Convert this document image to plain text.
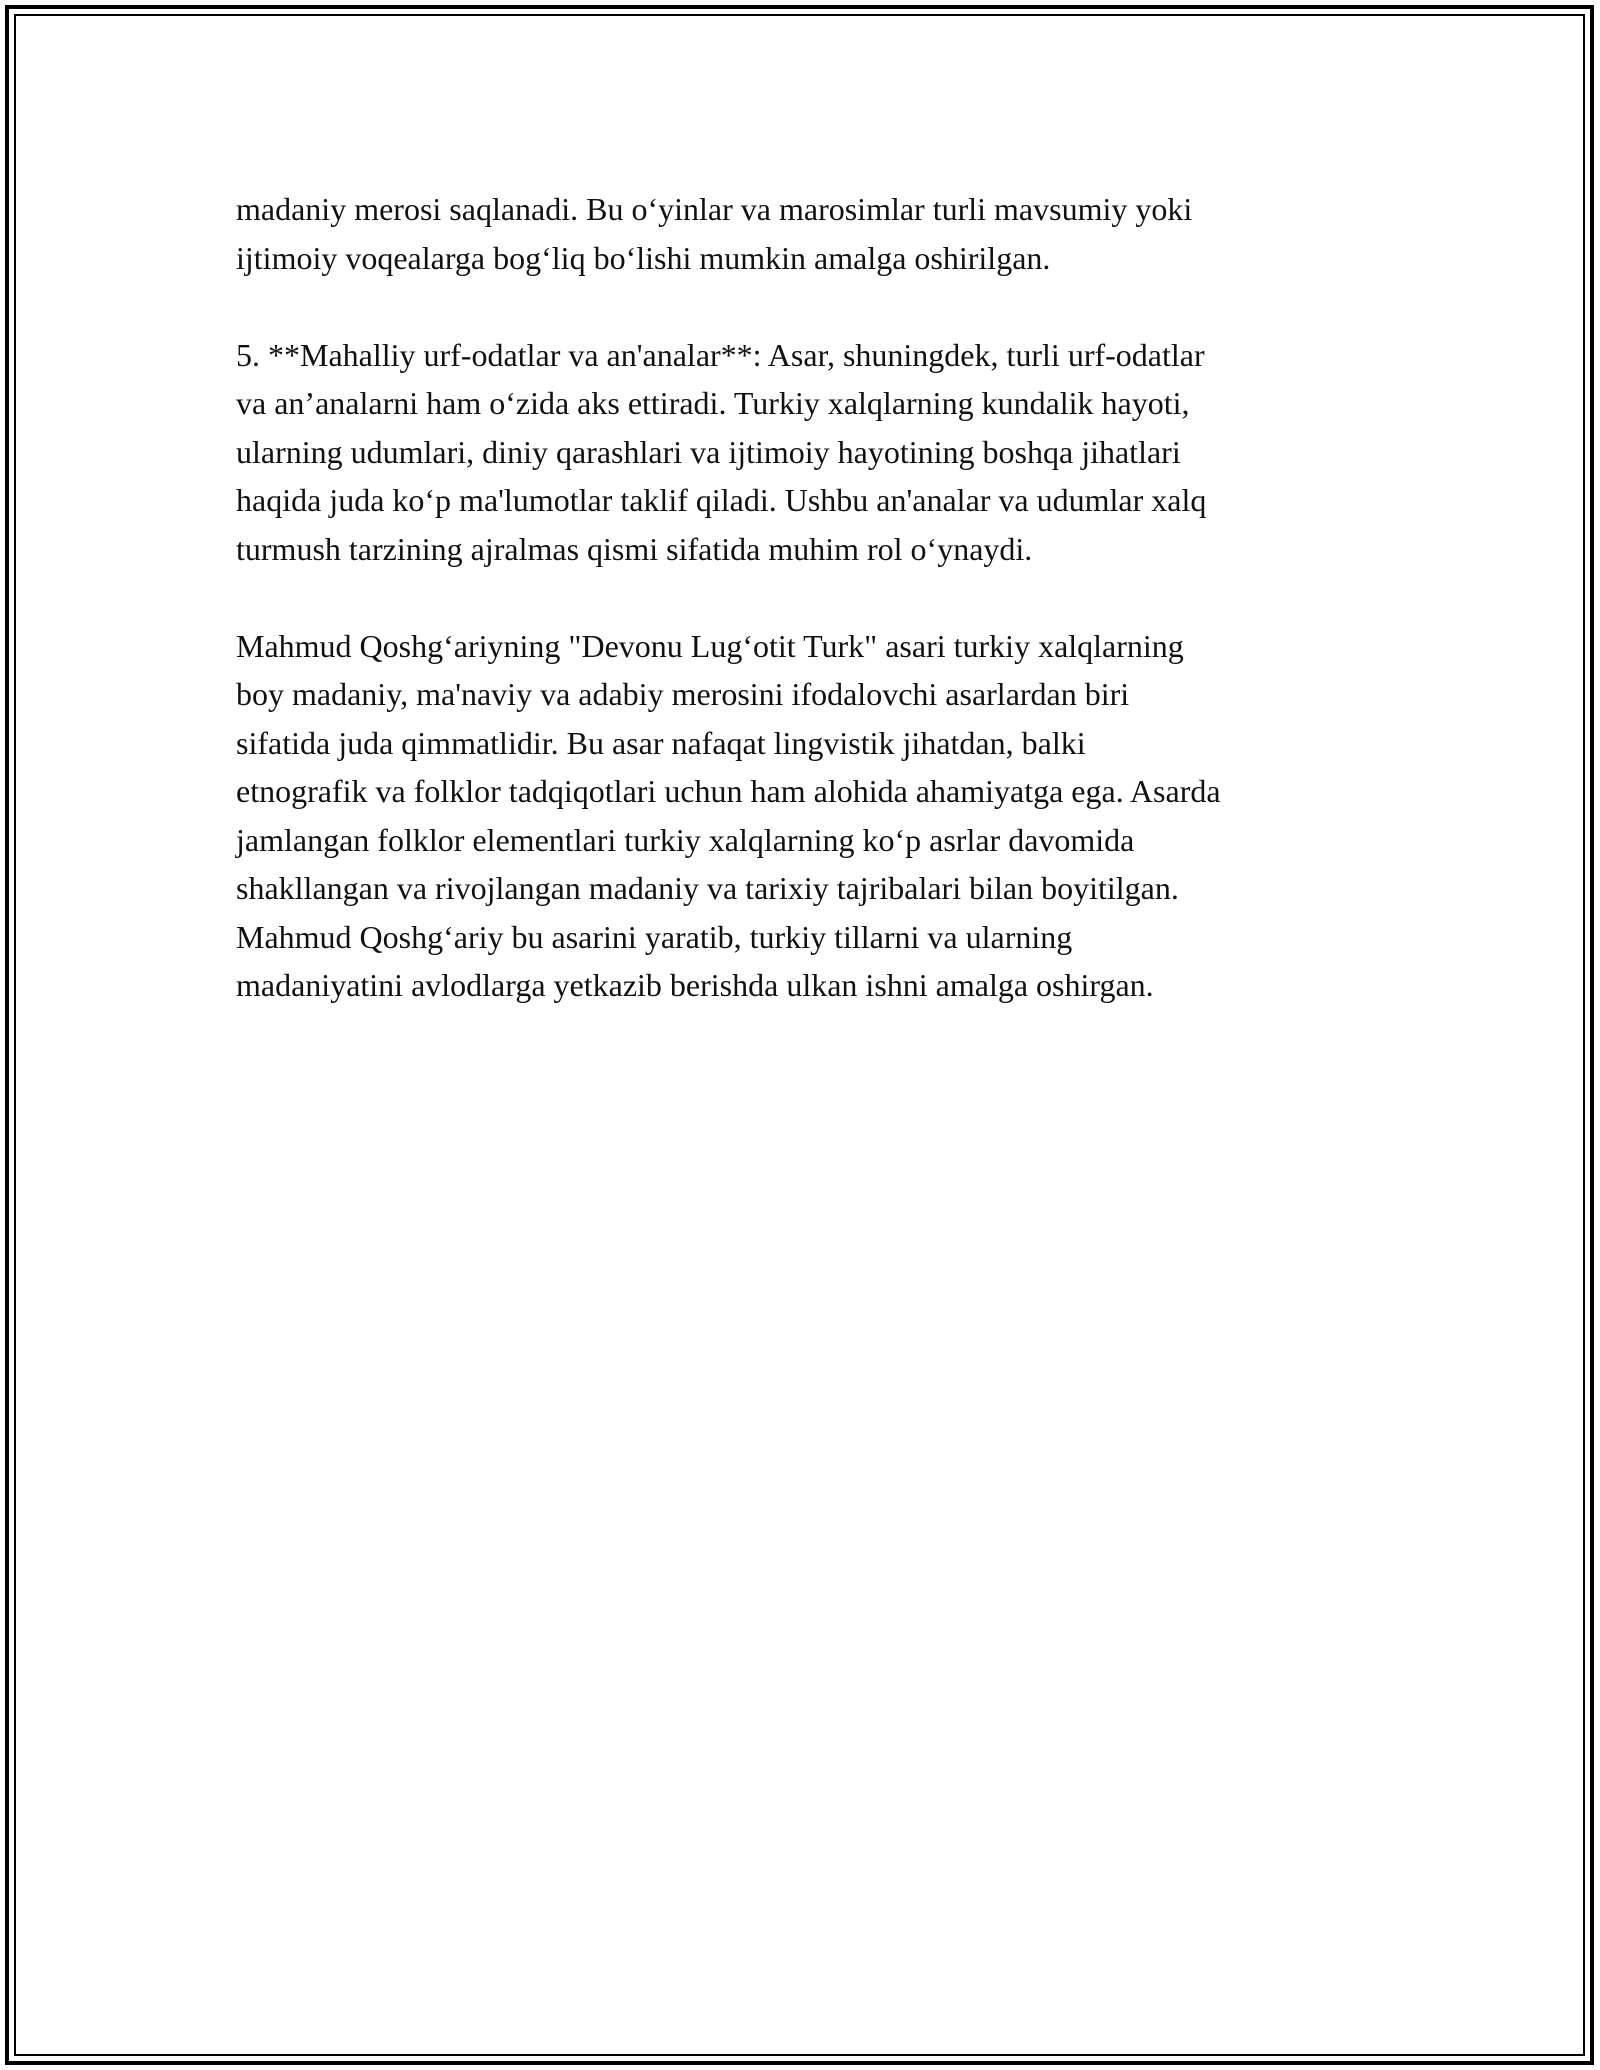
madaniy merosi saqlanadi. Bu o‘yinlar va marosimlar turli mavsumiy yoki
ijtimoiy voqealarga bog‘liq bo‘lishi mumkin amalga oshirilgan.

5. **Mahalliy urf-odatlar va an'analar**: Asar, shuningdek, turli urf-odatlar
va an’analarni ham o‘zida aks ettiradi. Turkiy xalqlarning kundalik hayoti,
ularning udumlari, diniy qarashlari va ijtimoiy hayotining boshqa jihatlari
haqida juda ko‘p ma'lumotlar taklif qiladi. Ushbu an'analar va udumlar xalq
turmush tarzining ajralmas qismi sifatida muhim rol o‘ynaydi.

Mahmud Qoshg‘ariyning "Devonu Lug‘otit Turk" asari turkiy xalqlarning
boy madaniy, ma'naviy va adabiy merosini ifodalovchi asarlardan biri
sifatida juda qimmatlidir. Bu asar nafaqat lingvistik jihatdan, balki
etnografik va folklor tadqiqotlari uchun ham alohida ahamiyatga ega. Asarda
jamlangan folklor elementlari turkiy xalqlarning ko‘p asrlar davomida
shakllangan va rivojlangan madaniy va tarixiy tajribalari bilan boyitilgan.
Mahmud Qoshg‘ariy bu asarini yaratib, turkiy tillarni va ularning
madaniyatini avlodlarga yetkazib berishda ulkan ishni amalga oshirgan.
